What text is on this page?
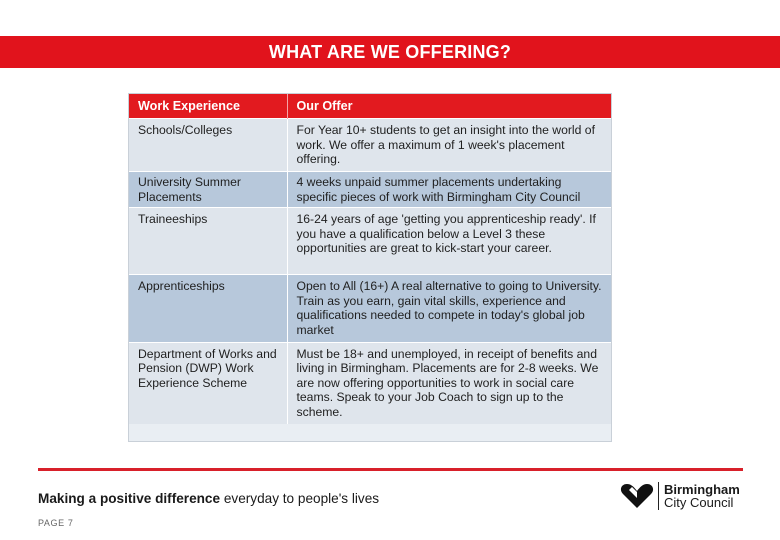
WHAT ARE WE OFFERING?
Work Experience	Our Offer
Schools/Colleges	For Year 10+ students to get an insight into the world of work. We offer a maximum of 1 week's placement offering.
University Summer Placements	4 weeks unpaid summer placements undertaking specific pieces of work with Birmingham City Council
Traineeships	16-24 years of age 'getting you apprenticeship ready'. If you have a qualification below a Level 3 these opportunities are great to kick-start your career.
Apprenticeships	Open to All (16+) A real alternative to going to University. Train as you earn, gain vital skills, experience and qualifications needed to compete in today's global job market
Department of Works and Pension (DWP) Work Experience Scheme	Must be 18+ and unemployed, in receipt of benefits and living in Birmingham. Placements are for 2-8 weeks. We are now offering opportunities to work in social care teams. Speak to your Job Coach to sign up to the scheme.
Making a positive difference everyday to people's lives
PAGE 7
Birmingham
City Council
